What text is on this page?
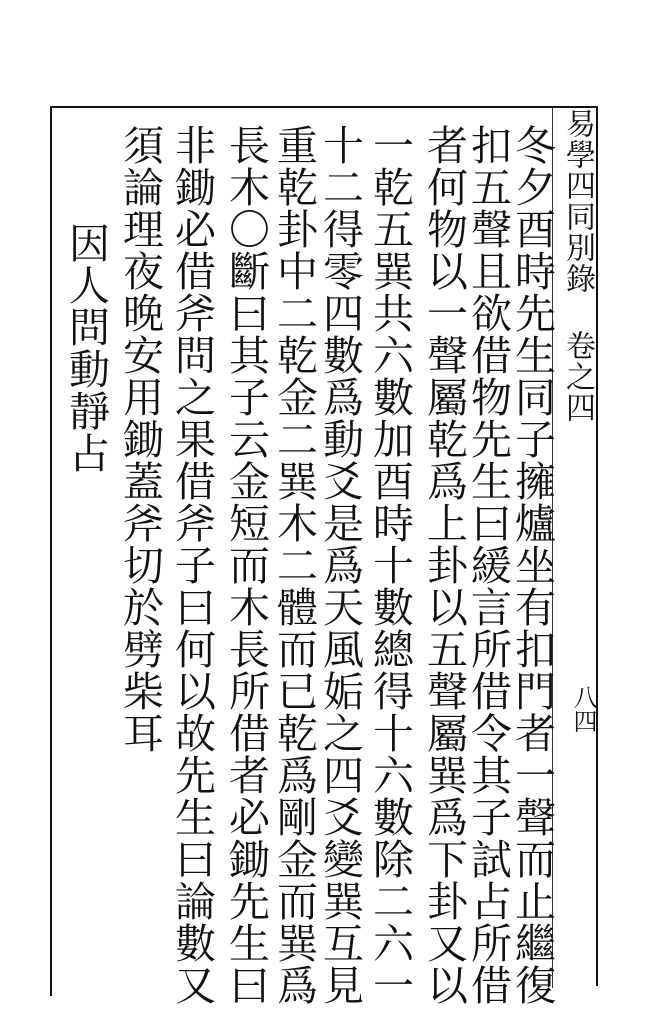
易學四同別錄
卷之四
八四
冬夕酉時先生同子擁爐坐有扣門者一聲而止繼復
扣五聲且欲借物先生曰緩言所借令其子試占所借
者何物以一聲屬乾爲上卦以五聲屬巽爲下卦又以
一乾五巽共六數加酉時十數總得十六數除二六一
十二得零四數爲動爻是爲天風姤之四爻變巽互見
重乾卦中二乾金二巽木二體而已乾爲剛金而巽爲
長木〇斷曰其子云金短而木長所借者必鋤先生曰
非鋤必借斧問之果借斧子曰何以故先生曰論數又
須論理夜晚安用鋤蓋斧切於劈柴耳
因人問動靜占
